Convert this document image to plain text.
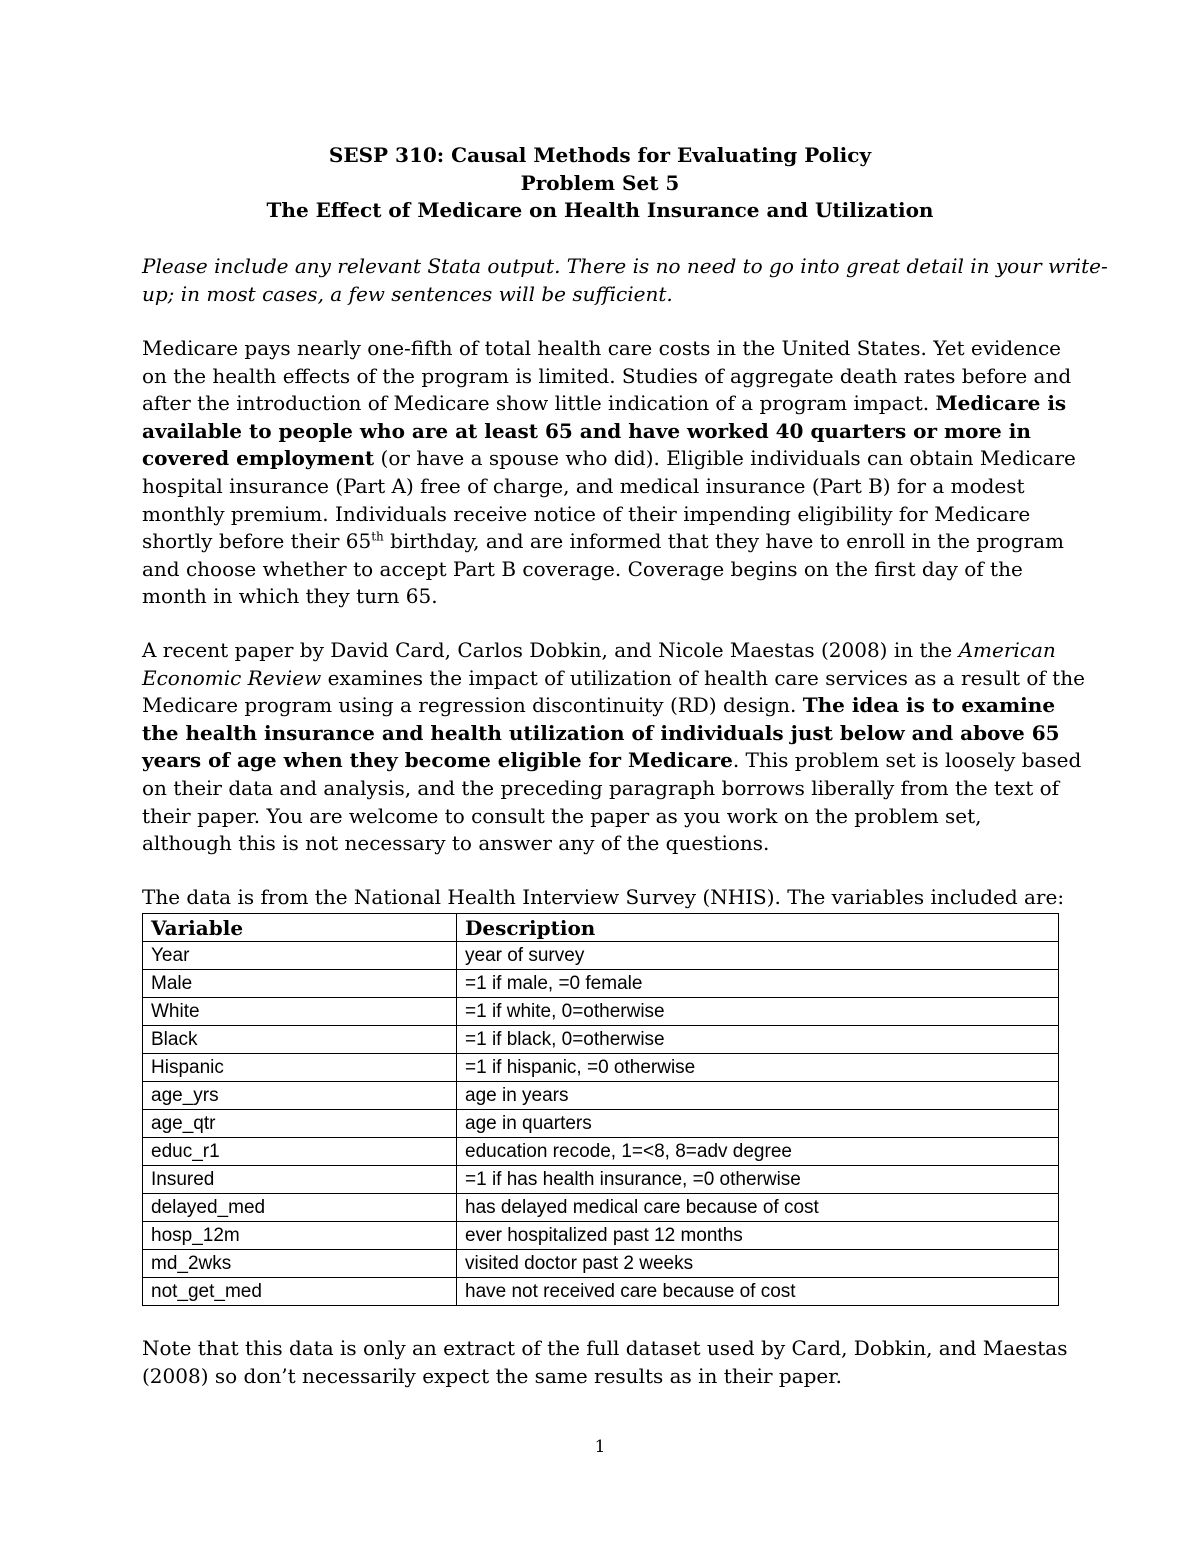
SESP 310: Causal Methods for Evaluating Policy
Problem Set 5
The Effect of Medicare on Health Insurance and Utilization
Please include any relevant Stata output. There is no need to go into great detail in your write-
up; in most cases, a few sentences will be sufficient.
Medicare pays nearly one-fifth of total health care costs in the United States. Yet evidence
on the health effects of the program is limited. Studies of aggregate death rates before and
after the introduction of Medicare show little indication of a program impact. Medicare is
available to people who are at least 65 and have worked 40 quarters or more in
covered employment (or have a spouse who did). Eligible individuals can obtain Medicare
hospital insurance (Part A) free of charge, and medical insurance (Part B) for a modest
monthly premium. Individuals receive notice of their impending eligibility for Medicare
shortly before their 65th birthday, and are informed that they have to enroll in the program
and choose whether to accept Part B coverage. Coverage begins on the first day of the
month in which they turn 65.
A recent paper by David Card, Carlos Dobkin, and Nicole Maestas (2008) in the American
Economic Review examines the impact of utilization of health care services as a result of the
Medicare program using a regression discontinuity (RD) design. The idea is to examine
the health insurance and health utilization of individuals just below and above 65
years of age when they become eligible for Medicare. This problem set is loosely based
on their data and analysis, and the preceding paragraph borrows liberally from the text of
their paper. You are welcome to consult the paper as you work on the problem set,
although this is not necessary to answer any of the questions.
The data is from the National Health Interview Survey (NHIS). The variables included are:
Variable	Description
Year	year of survey
Male	=1 if male, =0 female
White	=1 if white, 0=otherwise
Black	=1 if black, 0=otherwise
Hispanic	=1 if hispanic, =0 otherwise
age_yrs	age in years
age_qtr	age in quarters
educ_r1	education recode, 1=<8, 8=adv degree
Insured	=1 if has health insurance, =0 otherwise
delayed_med	has delayed medical care because of cost
hosp_12m	ever hospitalized past 12 months
md_2wks	visited doctor past 2 weeks
not_get_med	have not received care because of cost
Note that this data is only an extract of the full dataset used by Card, Dobkin, and Maestas
(2008) so don’t necessarily expect the same results as in their paper.
1
